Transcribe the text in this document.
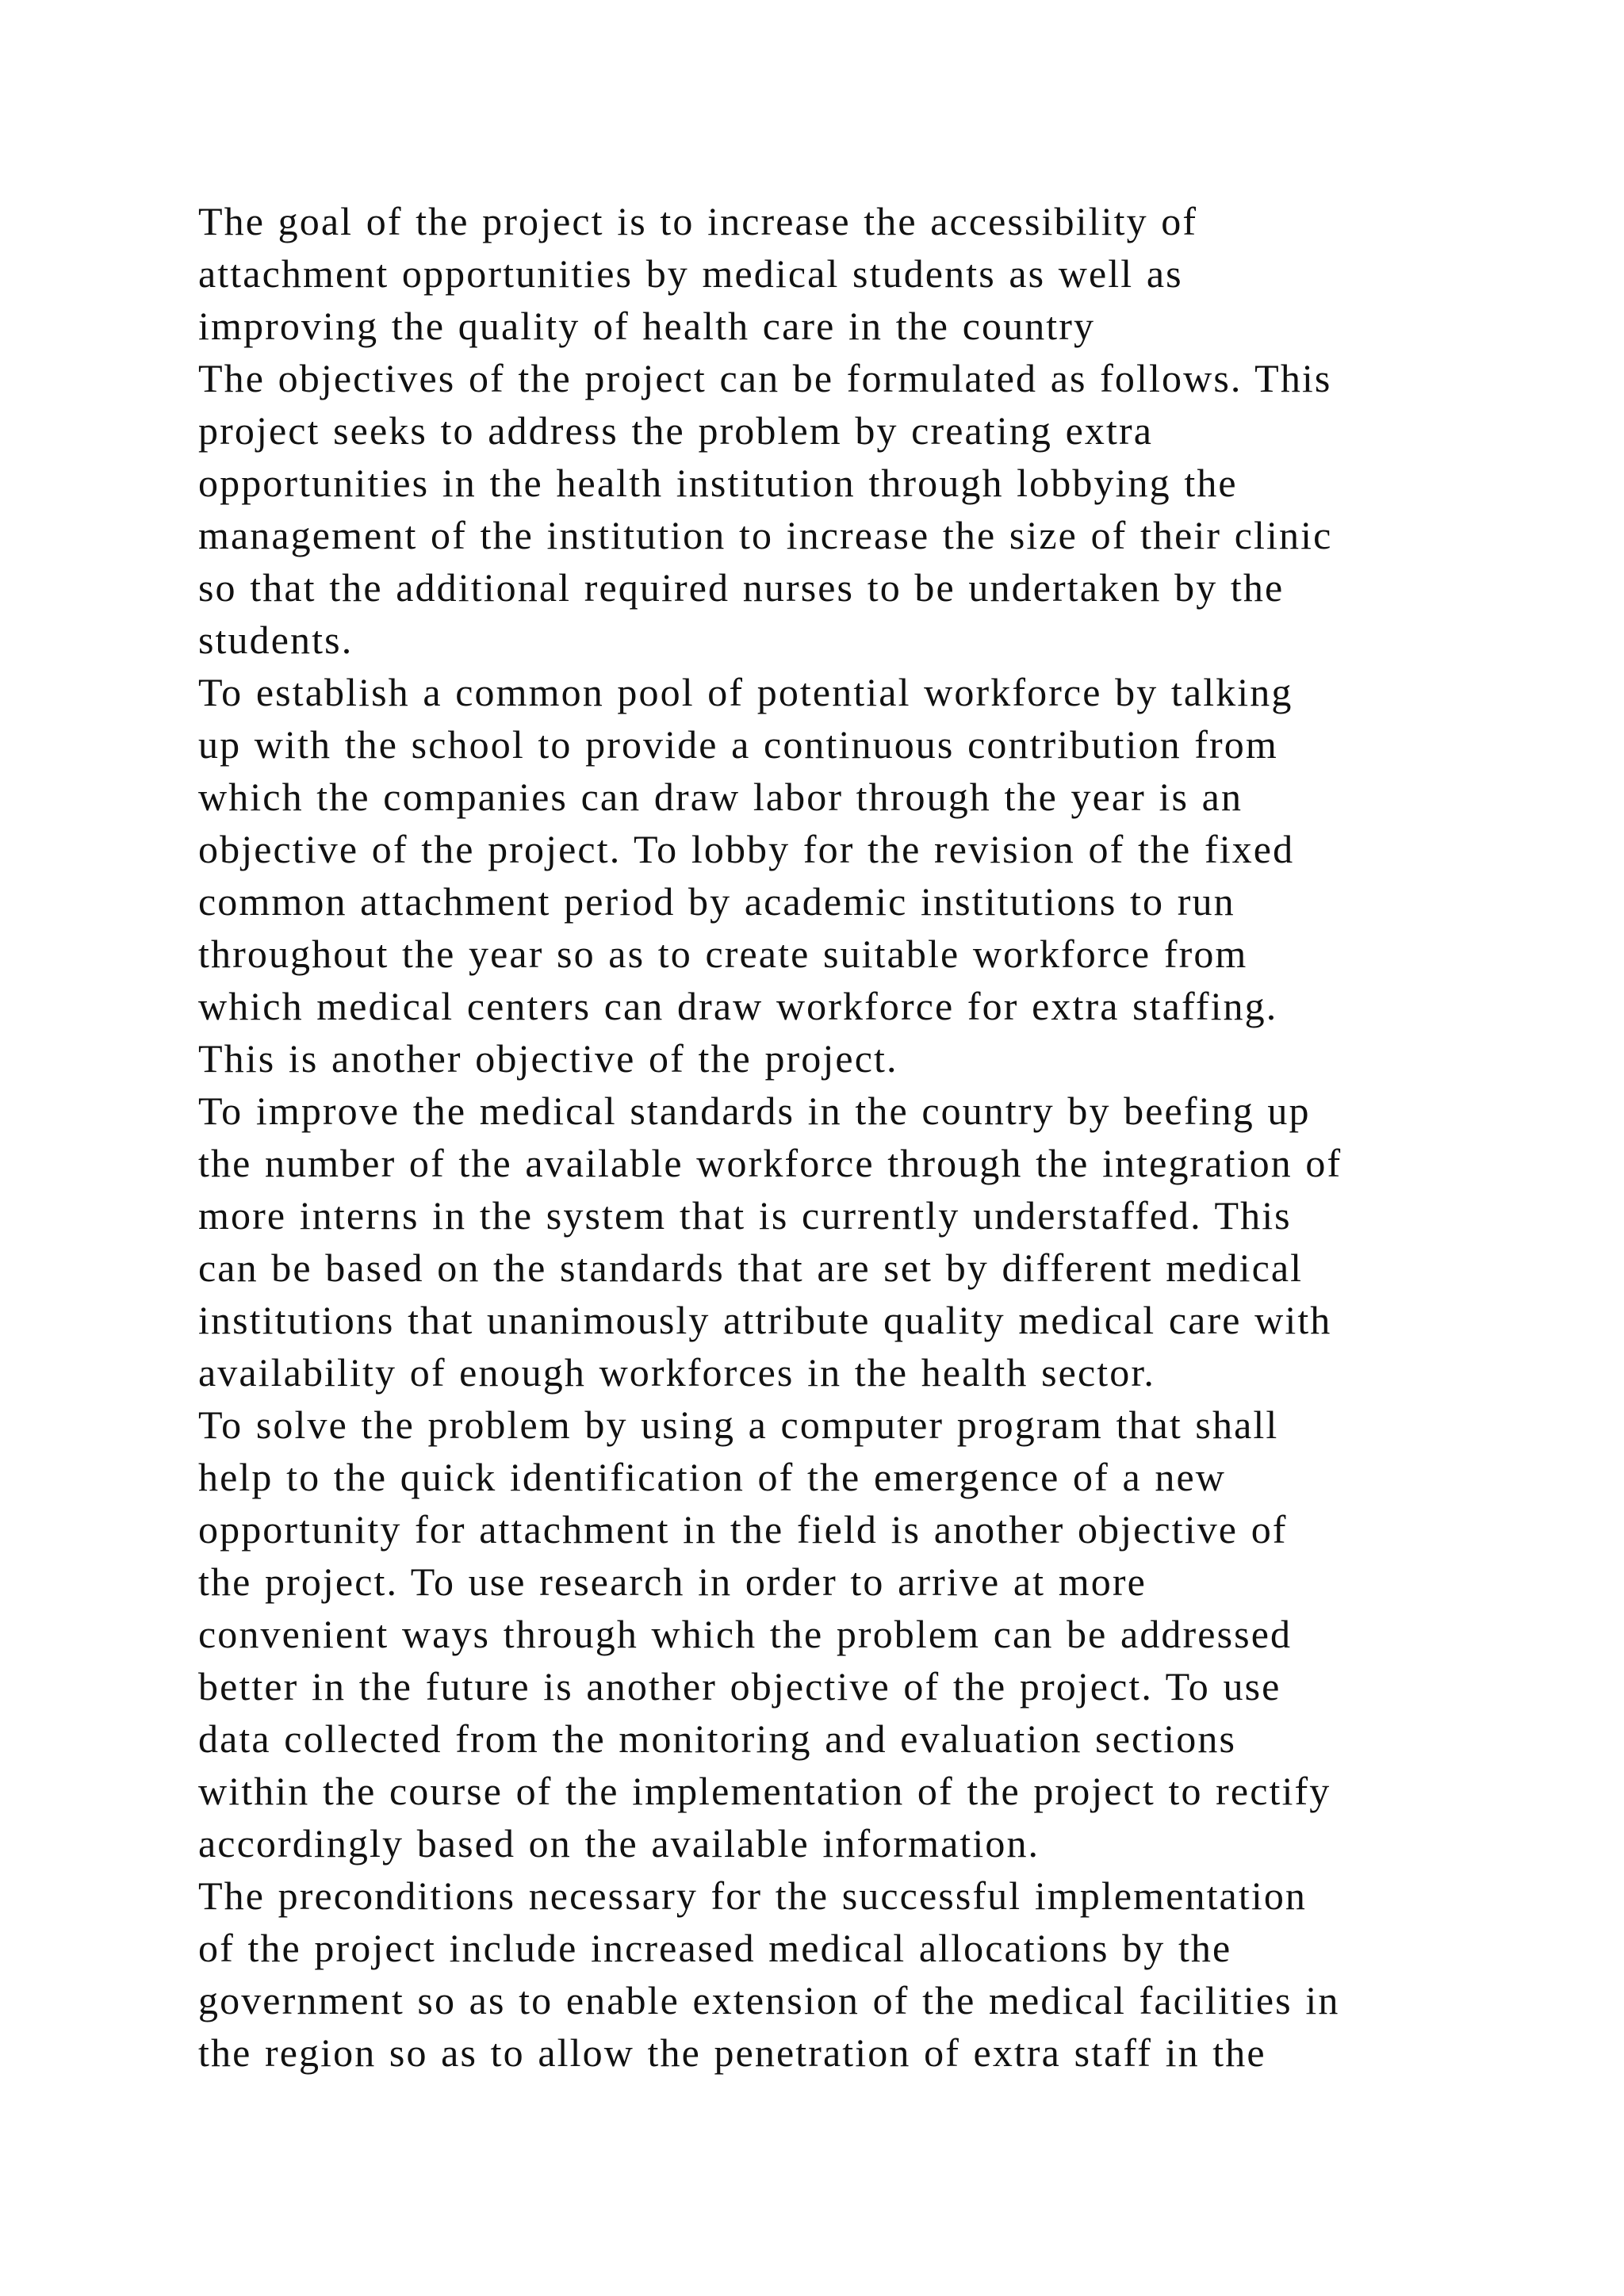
The goal of the project is to increase the accessibility of
attachment opportunities by medical students as well as
improving the quality of health care in the country
The objectives of the project can be formulated as follows. This
project seeks to address the problem by creating extra
opportunities in the health institution through lobbying the
management of the institution to increase the size of their clinic
so that the additional required nurses to be undertaken by the
students.
To establish a common pool of potential workforce by talking
up with the school to provide a continuous contribution from
which the companies can draw labor through the year is an
objective of the project. To lobby for the revision of the fixed
common attachment period by academic institutions to run
throughout the year so as to create suitable workforce from
which medical centers can draw workforce for extra staffing.
This is another objective of the project.
To improve the medical standards in the country by beefing up
the number of the available workforce through the integration of
more interns in the system that is currently understaffed. This
can be based on the standards that are set by different medical
institutions that unanimously attribute quality medical care with
availability of enough workforces in the health sector.
To solve the problem by using a computer program that shall
help to the quick identification of the emergence of a new
opportunity for attachment in the field is another objective of
the project. To use research in order to arrive at more
convenient ways through which the problem can be addressed
better in the future is another objective of the project. To use
data collected from the monitoring and evaluation sections
within the course of the implementation of the project to rectify
accordingly based on the available information.
The preconditions necessary for the successful implementation
of the project include increased medical allocations by the
government so as to enable extension of the medical facilities in
the region so as to allow the penetration of extra staff in the
